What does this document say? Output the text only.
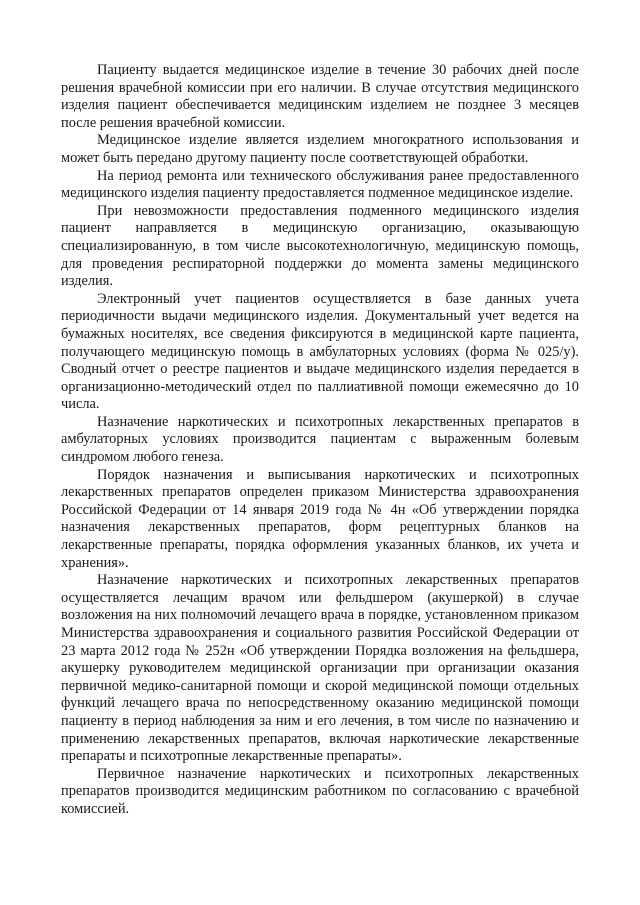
Пациенту выдается медицинское изделие в течение 30 рабочих дней после решения врачебной комиссии при его наличии. В случае отсутствия медицинского изделия пациент обеспечивается медицинским изделием не позднее 3 месяцев после решения врачебной комиссии.

Медицинское изделие является изделием многократного использования и может быть передано другому пациенту после соответствующей обработки.

На период ремонта или технического обслуживания ранее предоставленного медицинского изделия пациенту предоставляется подменное медицинское изделие.

При невозможности предоставления подменного медицинского изделия пациент направляется в медицинскую организацию, оказывающую специализированную, в том числе высокотехнологичную, медицинскую помощь, для проведения респираторной поддержки до момента замены медицинского изделия.

Электронный учет пациентов осуществляется в базе данных учета периодичности выдачи медицинского изделия. Документальный учет ведется на бумажных носителях, все сведения фиксируются в медицинской карте пациента, получающего медицинскую помощь в амбулаторных условиях (форма № 025/у). Сводный отчет о реестре пациентов и выдаче медицинского изделия передается в организационно-методический отдел по паллиативной помощи ежемесячно до 10 числа.

Назначение наркотических и психотропных лекарственных препаратов в амбулаторных условиях производится пациентам с выраженным болевым синдромом любого генеза.

Порядок назначения и выписывания наркотических и психотропных лекарственных препаратов определен приказом Министерства здравоохранения Российской Федерации от 14 января 2019 года № 4н «Об утверждении порядка назначения лекарственных препаратов, форм рецептурных бланков на лекарственные препараты, порядка оформления указанных бланков, их учета и хранения».

Назначение наркотических и психотропных лекарственных препаратов осуществляется лечащим врачом или фельдшером (акушеркой) в случае возложения на них полномочий лечащего врача в порядке, установленном приказом Министерства здравоохранения и социального развития Российской Федерации от 23 марта 2012 года № 252н «Об утверждении Порядка возложения на фельдшера, акушерку руководителем медицинской организации при организации оказания первичной медико-санитарной помощи и скорой медицинской помощи отдельных функций лечащего врача по непосредственному оказанию медицинской помощи пациенту в период наблюдения за ним и его лечения, в том числе по назначению и применению лекарственных препаратов, включая наркотические лекарственные препараты и психотропные лекарственные препараты».

Первичное назначение наркотических и психотропных лекарственных препаратов производится медицинским работником по согласованию с врачебной комиссией.
